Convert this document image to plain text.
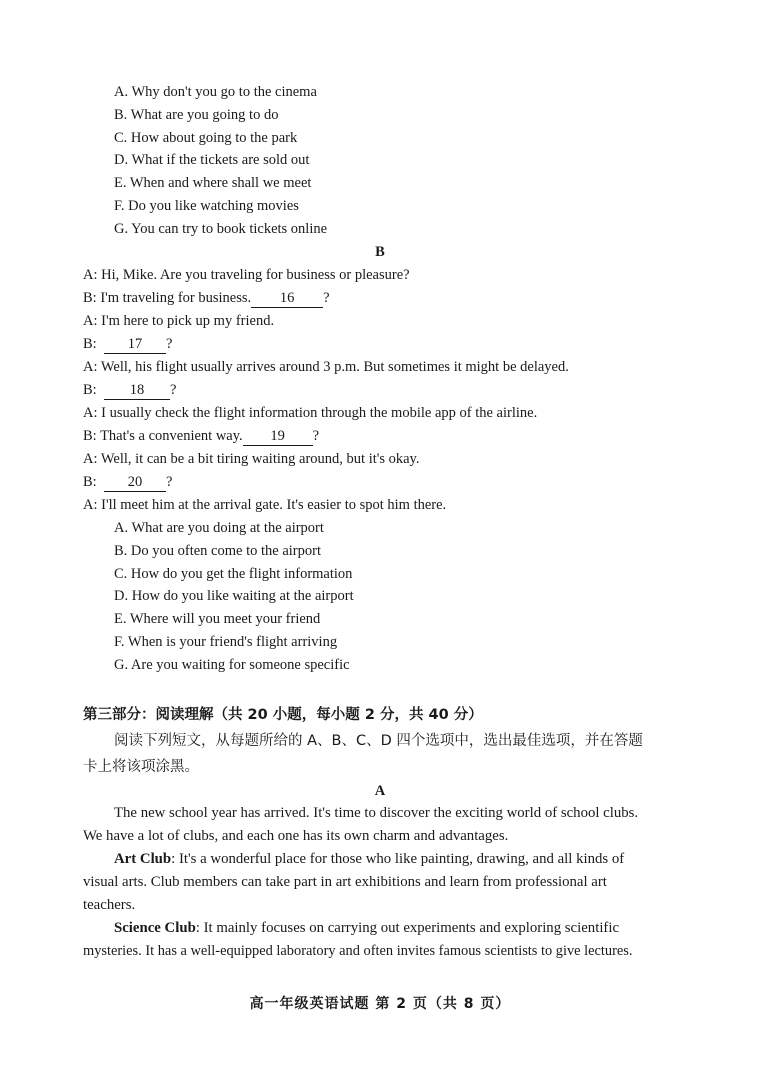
A. Why don't you go to the cinema
B. What are you going to do
C. How about going to the park
D. What if the tickets are sold out
E. When and where shall we meet
F. Do you like watching movies
G. You can try to book tickets online
B
A: Hi, Mike. Are you traveling for business or pleasure?
B: I'm traveling for business. 16 ?
A: I'm here to pick up my friend.
B: 17 ?
A: Well, his flight usually arrives around 3 p.m. But sometimes it might be delayed.
B: 18 ?
A: I usually check the flight information through the mobile app of the airline.
B: That's a convenient way. 19 ?
A: Well, it can be a bit tiring waiting around, but it's okay.
B: 20 ?
A: I'll meet him at the arrival gate. It's easier to spot him there.
A. What are you doing at the airport
B. Do you often come to the airport
C. How do you get the flight information
D. How do you like waiting at the airport
E. Where will you meet your friend
F. When is your friend's flight arriving
G. Are you waiting for someone specific
第三部分：阅读理解（共 20 小题，每小题 2 分，共 40 分）
阅读下列短文，从每题所给的 A、B、C、D 四个选项中，选出最佳选项，并在答题
卡上将该项涂黑。
A
The new school year has arrived. It's time to discover the exciting world of school clubs.
We have a lot of clubs, and each one has its own charm and advantages.
Art Club: It's a wonderful place for those who like painting, drawing, and all kinds of
visual arts. Club members can take part in art exhibitions and learn from professional art
teachers.
Science Club: It mainly focuses on carrying out experiments and exploring scientific
mysteries. It has a well-equipped laboratory and often invites famous scientists to give lectures.
高一年级英语试题 第 2 页（共 8 页）
